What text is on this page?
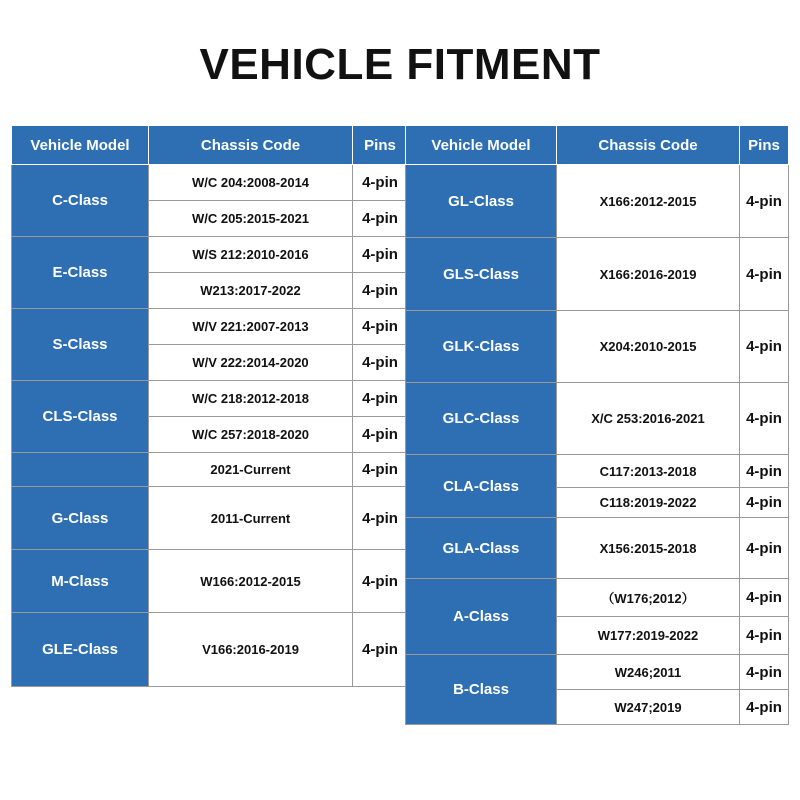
VEHICLE FITMENT
Vehicle Model	Chassis Code	Pins
C-Class	W/C 204:2008-2014	4-pin
	W/C 205:2015-2021	4-pin
E-Class	W/S 212:2010-2016	4-pin
	W213:2017-2022	4-pin
S-Class	W/V 221:2007-2013	4-pin
	W/V 222:2014-2020	4-pin
CLS-Class	W/C 218:2012-2018	4-pin
	W/C 257:2018-2020	4-pin
	2021-Current	4-pin
G-Class	2011-Current	4-pin
M-Class	W166:2012-2015	4-pin
GLE-Class	V166:2016-2019	4-pin
Vehicle Model	Chassis Code	Pins
GL-Class	X166:2012-2015	4-pin
GLS-Class	X166:2016-2019	4-pin
GLK-Class	X204:2010-2015	4-pin
GLC-Class	X/C 253:2016-2021	4-pin
CLA-Class	C117:2013-2018	4-pin
	C118:2019-2022	4-pin
GLA-Class	X156:2015-2018	4-pin
A-Class	（W176;2012）	4-pin
	W177:2019-2022	4-pin
B-Class	W246;2011	4-pin
	W247;2019	4-pin
